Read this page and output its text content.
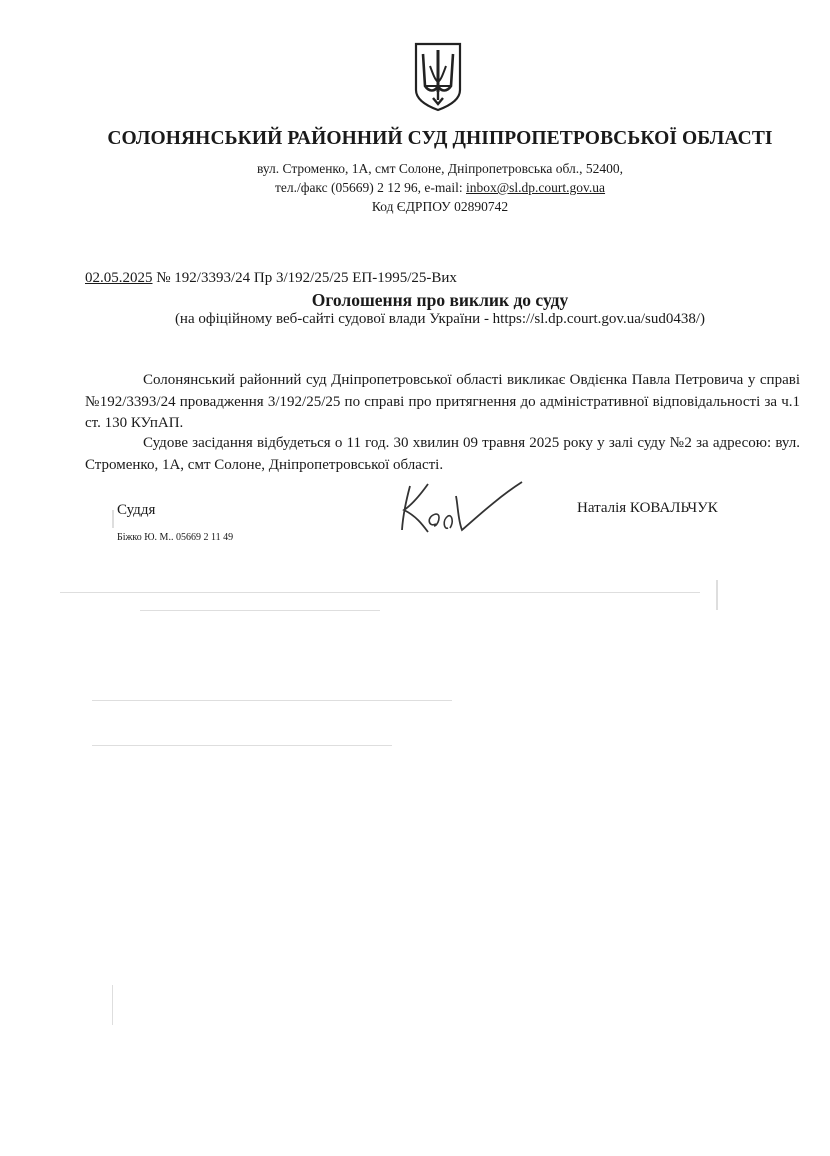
СОЛОНЯНСЬКИЙ РАЙОННИЙ СУД ДНІПРОПЕТРОВСЬКОЇ ОБЛАСТІ
вул. Строменко, 1А, смт Солоне, Дніпропетровська обл., 52400,
тел./факс (05669) 2 12 96, e-mail: inbox@sl.dp.court.gov.ua
Код ЄДРПОУ 02890742
02.05.2025 № 192/3393/24 Пр 3/192/25/25 ЕП-1995/25-Вих
Оголошення про виклик до суду
(на офіційному веб-сайті судової влади України - https://sl.dp.court.gov.ua/sud0438/)
Солонянський районний суд Дніпропетровської області викликає Овдієнка Павла Петровича у справі №192/3393/24 провадження 3/192/25/25 по справі про притягнення до адміністративної відповідальності за ч.1 ст. 130 КУпАП.
Судове засідання відбудеться о 11 год. 30 хвилин 09 травня 2025 року у залі суду №2 за адресою: вул. Строменко, 1А, смт Солоне, Дніпропетровської області.
Суддя	Наталія КОВАЛЬЧУК
Біжко Ю. М.. 05669 2 11 49
